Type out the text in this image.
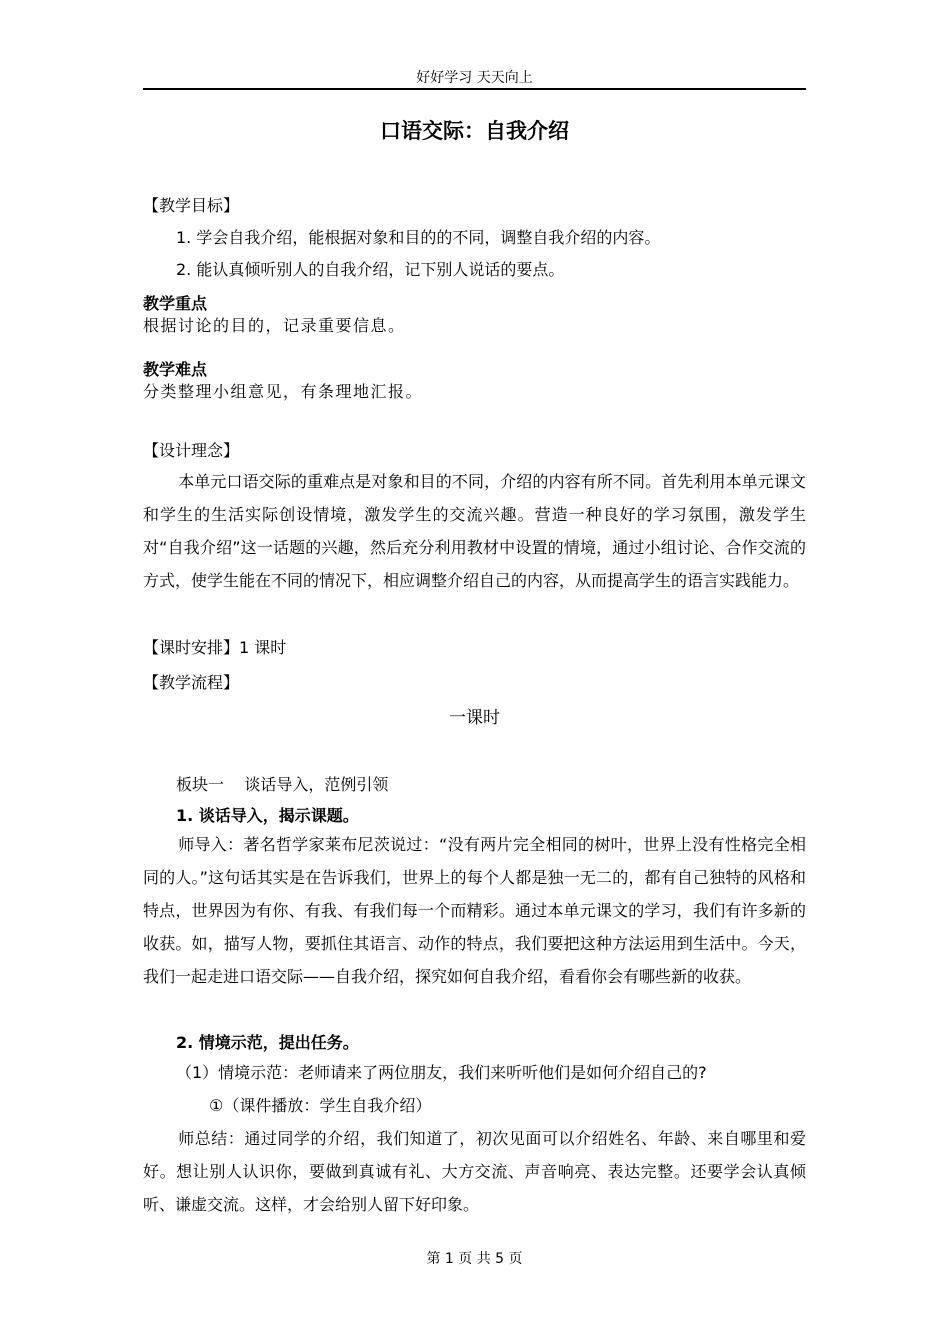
好好学习 天天向上
口语交际：自我介绍
【教学目标】
1. 学会自我介绍，能根据对象和目的的不同，调整自我介绍的内容。
2. 能认真倾听别人的自我介绍，记下别人说话的要点。
教学重点
根据讨论的目的，记录重要信息。
教学难点
分类整理小组意见，有条理地汇报。
【设计理念】
本单元口语交际的重难点是对象和目的不同，介绍的内容有所不同。首先利用本单元课文和学生的生活实际创设情境，激发学生的交流兴趣。营造一种良好的学习氛围，激发学生对“自我介绍”这一话题的兴趣，然后充分利用教材中设置的情境，通过小组讨论、合作交流的方式，使学生能在不同的情况下，相应调整介绍自己的内容，从而提高学生的语言实践能力。
【课时安排】1 课时
【教学流程】
一课时
板块一    谈话导入，范例引领
1. 谈话导入，揭示课题。
师导入：著名哲学家莱布尼茨说过：“没有两片完全相同的树叶，世界上没有性格完全相同的人。”这句话其实是在告诉我们，世界上的每个人都是独一无二的，都有自己独特的风格和特点，世界因为有你、有我、有我们每一个而精彩。通过本单元课文的学习，我们有许多新的收获。如，描写人物，要抓住其语言、动作的特点，我们要把这种方法运用到生活中。今天，我们一起走进口语交际——自我介绍，探究如何自我介绍，看看你会有哪些新的收获。
2. 情境示范，提出任务。
（1）情境示范：老师请来了两位朋友，我们来听听他们是如何介绍自己的?
①（课件播放：学生自我介绍）
师总结：通过同学的介绍，我们知道了，初次见面可以介绍姓名、年龄、来自哪里和爱好。想让别人认识你，要做到真诚有礼、大方交流、声音响亮、表达完整。还要学会认真倾听、谦虚交流。这样，才会给别人留下好印象。
第 1 页 共 5 页
